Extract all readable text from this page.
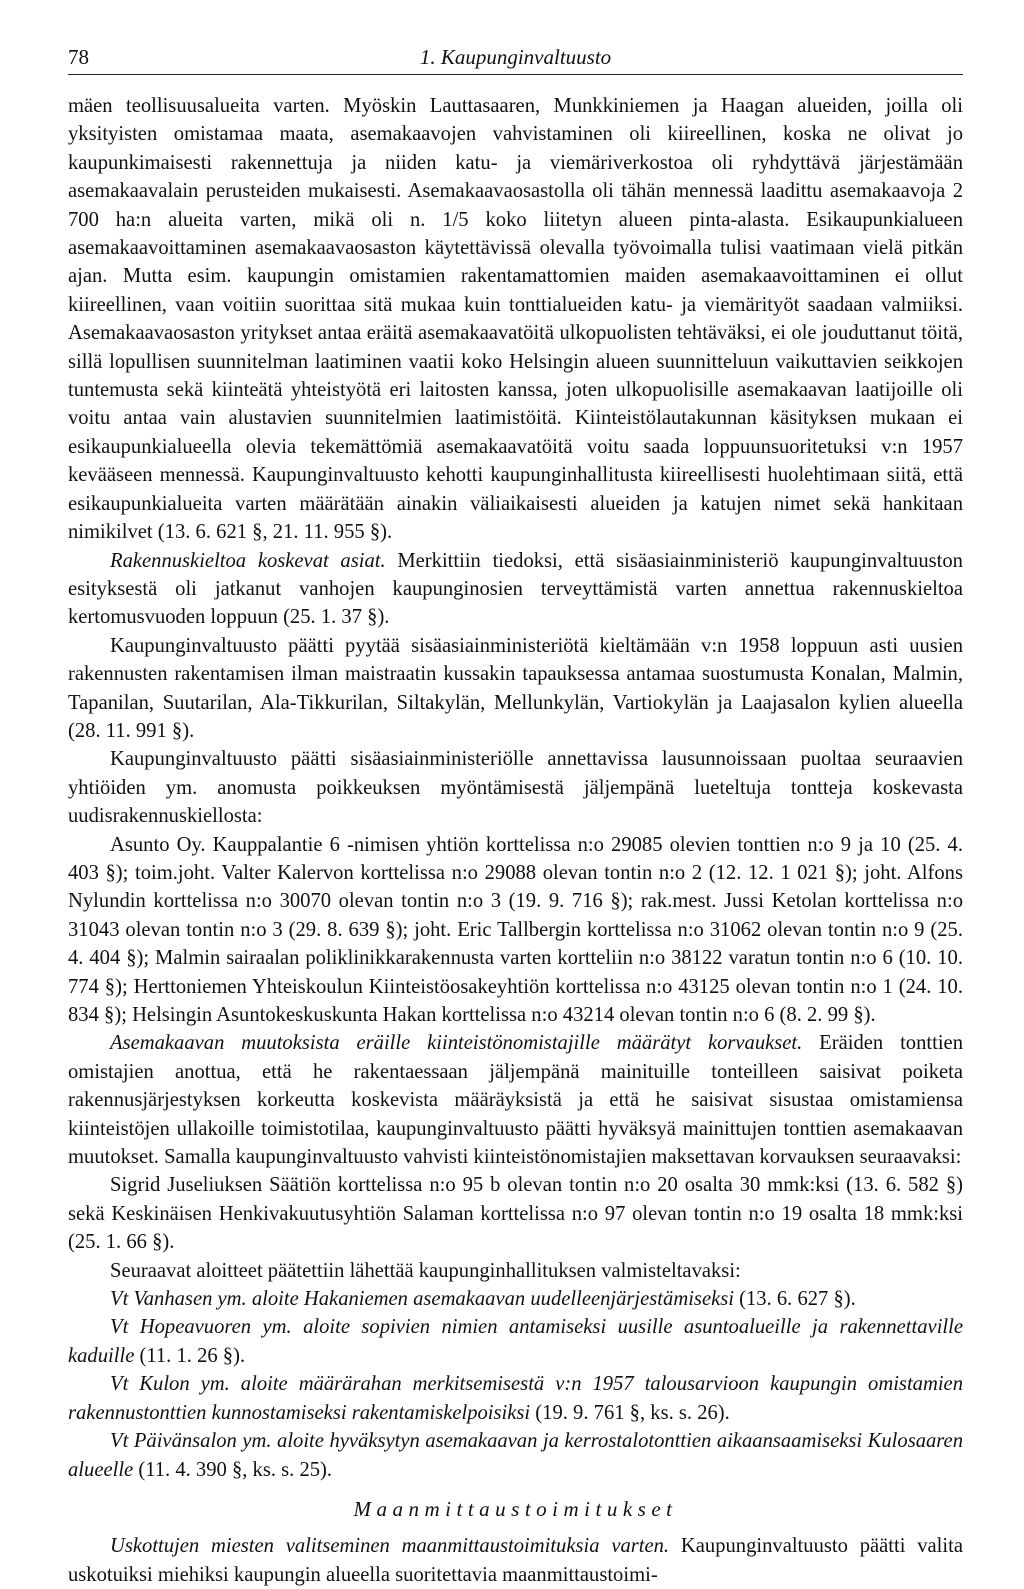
78	1. Kaupunginvaltuusto

mäen teollisuusalueita varten. Myöskin Lauttasaaren, Munkkiniemen ja Haagan alueiden, joilla oli yksityisten omistamaa maata, asemakaavojen vahvistaminen oli kiireellinen, koska ne olivat jo kaupunkimaisesti rakennettuja ja niiden katu- ja viemäriverkostoa oli ryhdyttävä järjestämään asemakaavalain perusteiden mukaisesti. Asemakaavaosastolla oli tähän mennessä laadittu asemakaavoja 2 700 ha:n alueita varten, mikä oli n. 1/5 koko liitetyn alueen pinta-alasta. Esikaupunkialueen asemakaavoittaminen asemakaavaosaston käytettävissä olevalla työvoimalla tulisi vaatimaan vielä pitkän ajan. Mutta esim. kaupungin omistamien rakentamattomien maiden asemakaavoittaminen ei ollut kiireellinen, vaan voitiin suorittaa sitä mukaa kuin tonttialueiden katu- ja viemärityöt saadaan valmiiksi. Asemakaavaosaston yritykset antaa eräitä asemakaavatöitä ulkopuolisten tehtäväksi, ei ole jouduttanut töitä, sillä lopullisen suunnitelman laatiminen vaatii koko Helsingin alueen suunnitteluun vaikuttavien seikkojen tuntemusta sekä kiinteätä yhteistyötä eri laitosten kanssa, joten ulkopuolisille asemakaavan laatijoille oli voitu antaa vain alustavien suunnitelmien laatimistöitä. Kiinteistölautakunnan käsityksen mukaan ei esikaupunkialueella olevia tekemättömiä asemakaavatöitä voitu saada loppuunsuoritetuksi v:n 1957 kevääseen mennessä. Kaupunginvaltuusto kehotti kaupunginhallitusta kiireellisesti huolehtimaan siitä, että esikaupunkialueita varten määrätään ainakin väliaikaisesti alueiden ja katujen nimet sekä hankitaan nimikilvet (13. 6. 621 §, 21. 11. 955 §).

Rakennuskieltoa koskevat asiat. Merkittiin tiedoksi, että sisäasiainministeriö kaupunginvaltuuston esityksestä oli jatkanut vanhojen kaupunginosien terveyttämistä varten annettua rakennuskieltoa kertomusvuoden loppuun (25. 1. 37 §).

Kaupunginvaltuusto päätti pyytää sisäasiainministeriötä kieltämään v:n 1958 loppuun asti uusien rakennusten rakentamisen ilman maistraatin kussakin tapauksessa antamaa suostumusta Konalan, Malmin, Tapanilan, Suutarilan, Ala-Tikkurilan, Siltakylän, Mellunkylän, Vartiokylän ja Laajasalon kylien alueella (28. 11. 991 §).

Kaupunginvaltuusto päätti sisäasiainministeriölle annettavissa lausunnoissaan puoltaa seuraavien yhtiöiden ym. anomusta poikkeuksen myöntämisestä jäljempänä lueteltuja tontteja koskevasta uudisrakennuskiellosta:

Asunto Oy. Kauppalantie 6 -nimisen yhtiön korttelissa n:o 29085 olevien tonttien n:o 9 ja 10 (25. 4. 403 §); toim.joht. Valter Kalervon korttelissa n:o 29088 olevan tontin n:o 2 (12. 12. 1 021 §); joht. Alfons Nylundin korttelissa n:o 30070 olevan tontin n:o 3 (19. 9. 716 §); rak.mest. Jussi Ketolan korttelissa n:o 31043 olevan tontin n:o 3 (29. 8. 639 §); joht. Eric Tallbergin korttelissa n:o 31062 olevan tontin n:o 9 (25. 4. 404 §); Malmin sairaalan poliklinikkarakennusta varten kortteliin n:o 38122 varatun tontin n:o 6 (10. 10. 774 §); Herttoniemen Yhteiskoulun Kiinteistöosakeyhtiön korttelissa n:o 43125 olevan tontin n:o 1 (24. 10. 834 §); Helsingin Asuntokeskuskunta Hakan korttelissa n:o 43214 olevan tontin n:o 6 (8. 2. 99 §).

Asemakaavan muutoksista eräille kiinteistönomistajille määrätyt korvaukset. Eräiden tonttien omistajien anottua, että he rakentaessaan jäljempänä mainituille tonteilleen saisivat poiketa rakennusjärjestyksen korkeutta koskevista määräyksistä ja että he saisivat sisustaa omistamiensa kiinteistöjen ullakoille toimistotilaa, kaupunginvaltuusto päätti hyväksyä mainittujen tonttien asemakaavan muutokset. Samalla kaupunginvaltuusto vahvisti kiinteistönomistajien maksettavan korvauksen seuraavaksi:

Sigrid Juseliuksen Säätiön korttelissa n:o 95 b olevan tontin n:o 20 osalta 30 mmk:ksi (13. 6. 582 §) sekä Keskinäisen Henkivakuutusyhtiön Salaman korttelissa n:o 97 olevan tontin n:o 19 osalta 18 mmk:ksi (25. 1. 66 §).

Seuraavat aloitteet päätettiin lähettää kaupunginhallituksen valmisteltavaksi:

Vt Vanhasen ym. aloite Hakaniemen asemakaavan uudelleenjärjestämiseksi (13. 6. 627 §).

Vt Hopeavuoren ym. aloite sopivien nimien antamiseksi uusille asuntoalueille ja rakennettaville kaduille (11. 1. 26 §).

Vt Kulon ym. aloite määrärahan merkitsemisestä v:n 1957 talousarvioon kaupungin omistamien rakennustonttien kunnostamiseksi rakentamiskelpoisiksi (19. 9. 761 §, ks. s. 26).

Vt Päivänsalon ym. aloite hyväksytyn asemakaavan ja kerrostalotonttien aikaansaamiseksi Kulosaaren alueelle (11. 4. 390 §, ks. s. 25).

Maanmittaustoimitukset

Uskottujen miesten valitseminen maanmittaustoimituksia varten. Kaupunginvaltuusto päätti valita uskotuiksi miehiksi kaupungin alueella suoritettavia maanmittaustoimi-
